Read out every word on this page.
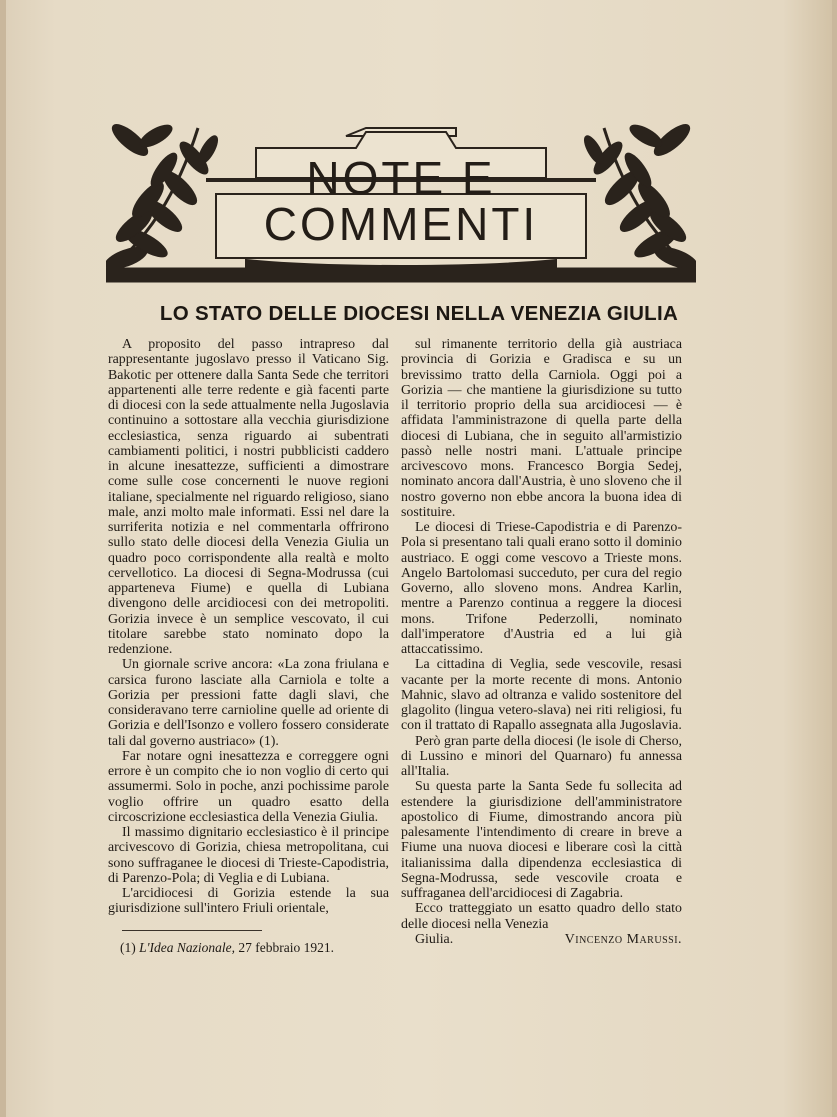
NOTE E
COMMENTI
LO STATO DELLE DIOCESI NELLA VENEZIA GIULIA

A proposito del passo intrapreso dal rappresentante jugoslavo presso il Vaticano Sig. Bakotic per ottenere dalla Santa Sede che territori appartenenti alle terre redente e già facenti parte di diocesi con la sede attualmente nella Jugoslavia continuino a sottostare alla vecchia giurisdizione ecclesiastica, senza riguardo ai subentrati cambiamenti politici, i nostri pubblicisti caddero in alcune inesattezze, sufficienti a dimostrare come sulle cose concernenti le nuove regioni italiane, specialmente nel riguardo religioso, siano male, anzi molto male informati. Essi nel dare la surriferita notizia e nel commentarla offrirono sullo stato delle diocesi della Venezia Giulia un quadro poco corrispondente alla realtà e molto cervellotico. La diocesi di Segna-Modrussa (cui apparteneva Fiume) e quella di Lubiana divengono delle arcidiocesi con dei metropoliti. Gorizia invece è un semplice vescovato, il cui titolare sarebbe stato nominato dopo la redenzione.

Un giornale scrive ancora: «La zona friulana e carsica furono lasciate alla Carniola e tolte a Gorizia per pressioni fatte dagli slavi, che consideravano terre carnioline quelle ad oriente di Gorizia e dell'Isonzo e vollero fossero considerate tali dal governo austriaco» (1).

Far notare ogni inesattezza e correggere ogni errore è un compito che io non voglio di certo qui assumermi. Solo in poche, anzi pochissime parole voglio offrire un quadro esatto della circoscrizione ecclesiastica della Venezia Giulia.

Il massimo dignitario ecclesiastico è il principe arcivescovo di Gorizia, chiesa metropolitana, cui sono suffraganee le diocesi di Trieste-Capodistria, di Parenzo-Pola; di Veglia e di Lubiana.

L'arcidiocesi di Gorizia estende la sua giurisdizione sull'intero Friuli orientale,

sul rimanente territorio della già austriaca provincia di Gorizia e Gradisca e su un brevissimo tratto della Carniola. Oggi poi a Gorizia — che mantiene la giurisdizione su tutto il territorio proprio della sua arcidiocesi — è affidata l'amministrazone di quella parte della diocesi di Lubiana, che in seguito all'armistizio passò nelle nostri mani. L'attuale principe arcivescovo mons. Francesco Borgia Sedej, nominato ancora dall'Austria, è uno sloveno che il nostro governo non ebbe ancora la buona idea di sostituire.

Le diocesi di Triese-Capodistria e di Parenzo-Pola si presentano tali quali erano sotto il dominio austriaco. E oggi come vescovo a Trieste mons. Angelo Bartolomasi succeduto, per cura del regio Governo, allo sloveno mons. Andrea Karlin, mentre a Parenzo continua a reggere la diocesi mons. Trifone Pederzolli, nominato dall'imperatore d'Austria ed a lui già attaccatissimo.

La cittadina di Veglia, sede vescovile, resasi vacante per la morte recente di mons. Antonio Mahnic, slavo ad oltranza e valido sostenitore del glagolito (lingua vetero-slava) nei riti religiosi, fu con il trattato di Rapallo assegnata alla Jugoslavia.

Però gran parte della diocesi (le isole di Cherso, di Lussino e minori del Quarnaro) fu annessa all'Italia.

Su questa parte la Santa Sede fu sollecita ad estendere la giurisdizione dell'amministratore apostolico di Fiume, dimostrando ancora più palesamente l'intendimento di creare in breve a Fiume una nuova diocesi e liberare così la città italianissima dalla dipendenza ecclesiastica di Segna-Modrussa, sede vescovile croata e suffraganea dell'arcidiocesi di Zagabria.

Ecco tratteggiato un esatto quadro dello stato delle diocesi nella Venezia

Giulia.	Vincenzo Marussi.

(1) L'Idea Nazionale, 27 febbraio 1921.
